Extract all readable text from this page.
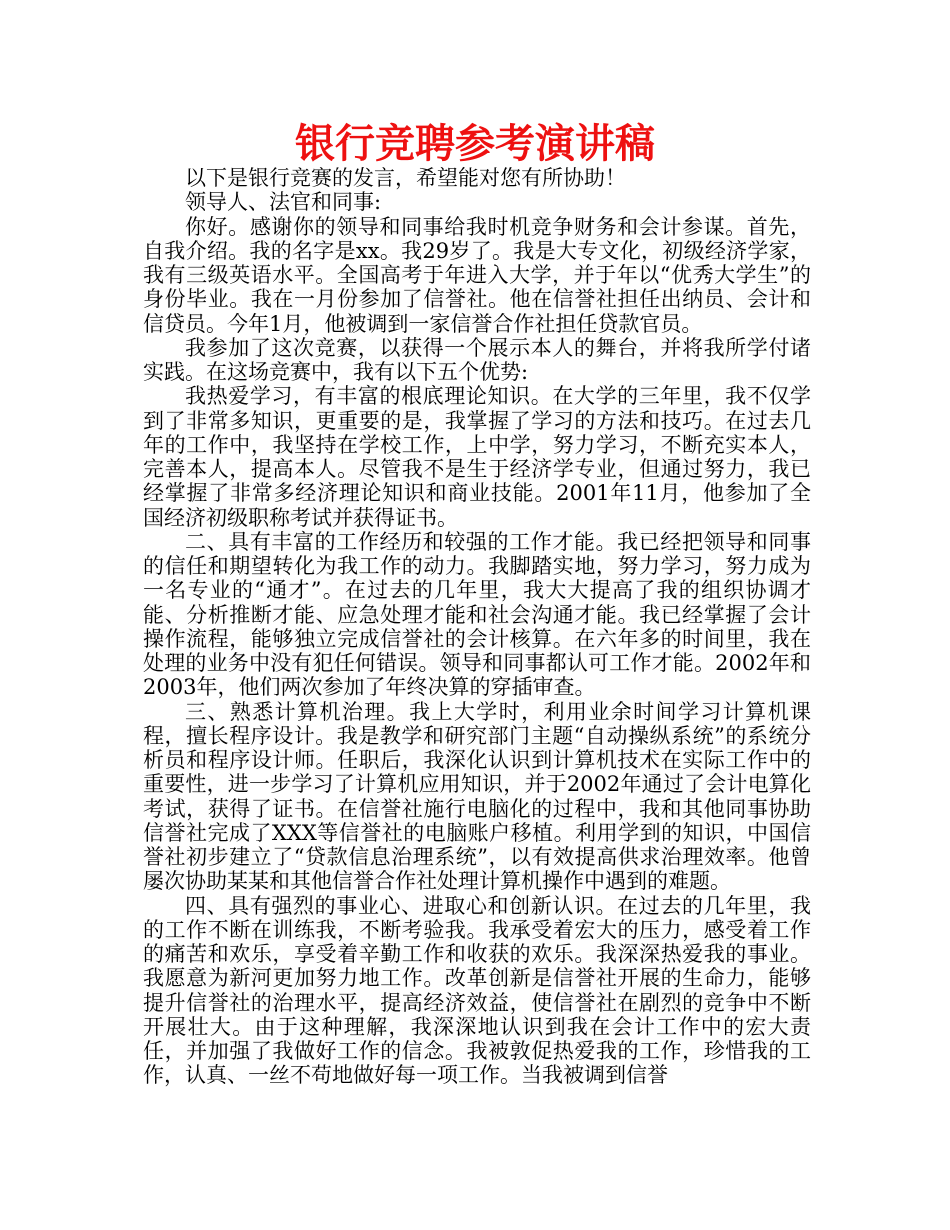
银行竞聘参考演讲稿

以下是银行竞赛的发言，希望能对您有所协助！

领导人、法官和同事:

你好。感谢你的领导和同事给我时机竞争财务和会计参谋。首先，自我介绍。我的名字是xx。我29岁了。我是大专文化，初级经济学家，我有三级英语水平。全国高考于年进入大学，并于年以“优秀大学生”的身份毕业。我在一月份参加了信誉社。他在信誉社担任出纳员、会计和信贷员。今年1月，他被调到一家信誉合作社担任贷款官员。

我参加了这次竞赛，以获得一个展示本人的舞台，并将我所学付诸实践。在这场竞赛中，我有以下五个优势:

我热爱学习，有丰富的根底理论知识。在大学的三年里，我不仅学到了非常多知识，更重要的是，我掌握了学习的方法和技巧。在过去几年的工作中，我坚持在学校工作，上中学，努力学习，不断充实本人，完善本人，提高本人。尽管我不是生于经济学专业，但通过努力，我已经掌握了非常多经济理论知识和商业技能。2001年11月，他参加了全国经济初级职称考试并获得证书。

二、具有丰富的工作经历和较强的工作才能。我已经把领导和同事的信任和期望转化为我工作的动力。我脚踏实地，努力学习，努力成为一名专业的“通才”。在过去的几年里，我大大提高了我的组织协调才能、分析推断才能、应急处理才能和社会沟通才能。我已经掌握了会计操作流程，能够独立完成信誉社的会计核算。在六年多的时间里，我在处理的业务中没有犯任何错误。领导和同事都认可工作才能。2002年和2003年，他们两次参加了年终决算的穿插审查。

三、熟悉计算机治理。我上大学时，利用业余时间学习计算机课程，擅长程序设计。我是教学和研究部门主题“自动操纵系统”的系统分析员和程序设计师。任职后，我深化认识到计算机技术在实际工作中的重要性，进一步学习了计算机应用知识，并于2002年通过了会计电算化考试，获得了证书。在信誉社施行电脑化的过程中，我和其他同事协助信誉社完成了XXX等信誉社的电脑账户移植。利用学到的知识，中国信誉社初步建立了“贷款信息治理系统”，以有效提高供求治理效率。他曾屡次协助某某和其他信誉合作社处理计算机操作中遇到的难题。

四、具有强烈的事业心、进取心和创新认识。在过去的几年里，我的工作不断在训练我，不断考验我。我承受着宏大的压力，感受着工作的痛苦和欢乐，享受着辛勤工作和收获的欢乐。我深深热爱我的事业。我愿意为新河更加努力地工作。改革创新是信誉社开展的生命力，能够提升信誉社的治理水平，提高经济效益，使信誉社在剧烈的竞争中不断开展壮大。由于这种理解，我深深地认识到我在会计工作中的宏大责任，并加强了我做好工作的信念。我被敦促热爱我的工作，珍惜我的工作，认真、一丝不苟地做好每一项工作。当我被调到信誉
